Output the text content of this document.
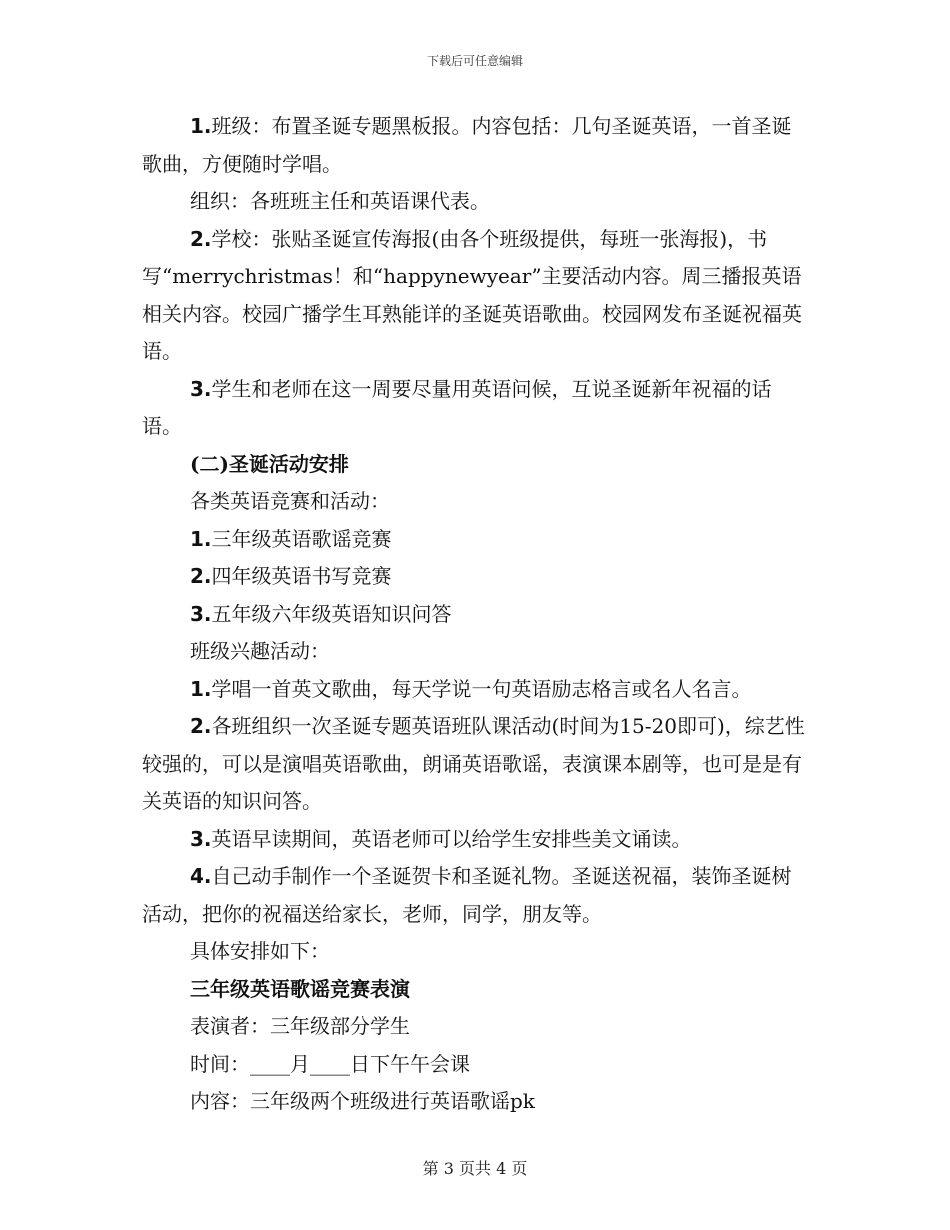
下载后可任意编辑

1.班级：布置圣诞专题黑板报。内容包括：几句圣诞英语，一首圣诞歌曲，方便随时学唱。

组织：各班班主任和英语课代表。

2.学校：张贴圣诞宣传海报(由各个班级提供，每班一张海报)，书写“merrychristmas！和“happynewyear”主要活动内容。周三播报英语相关内容。校园广播学生耳熟能详的圣诞英语歌曲。校园网发布圣诞祝福英语。

3.学生和老师在这一周要尽量用英语问候，互说圣诞新年祝福的话语。

(二)圣诞活动安排

各类英语竞赛和活动：

1.三年级英语歌谣竞赛

2.四年级英语书写竞赛

3.五年级六年级英语知识问答

班级兴趣活动：

1.学唱一首英文歌曲，每天学说一句英语励志格言或名人名言。

2.各班组织一次圣诞专题英语班队课活动(时间为15-20即可)，综艺性较强的，可以是演唱英语歌曲，朗诵英语歌谣，表演课本剧等，也可是是有关英语的知识问答。

3.英语早读期间，英语老师可以给学生安排些美文诵读。

4.自己动手制作一个圣诞贺卡和圣诞礼物。圣诞送祝福，装饰圣诞树活动，把你的祝福送给家长，老师，同学，朋友等。

具体安排如下：

三年级英语歌谣竞赛表演

表演者：三年级部分学生

时间：____月____日下午午会课

内容：三年级两个班级进行英语歌谣pk

第 3 页共 4 页
